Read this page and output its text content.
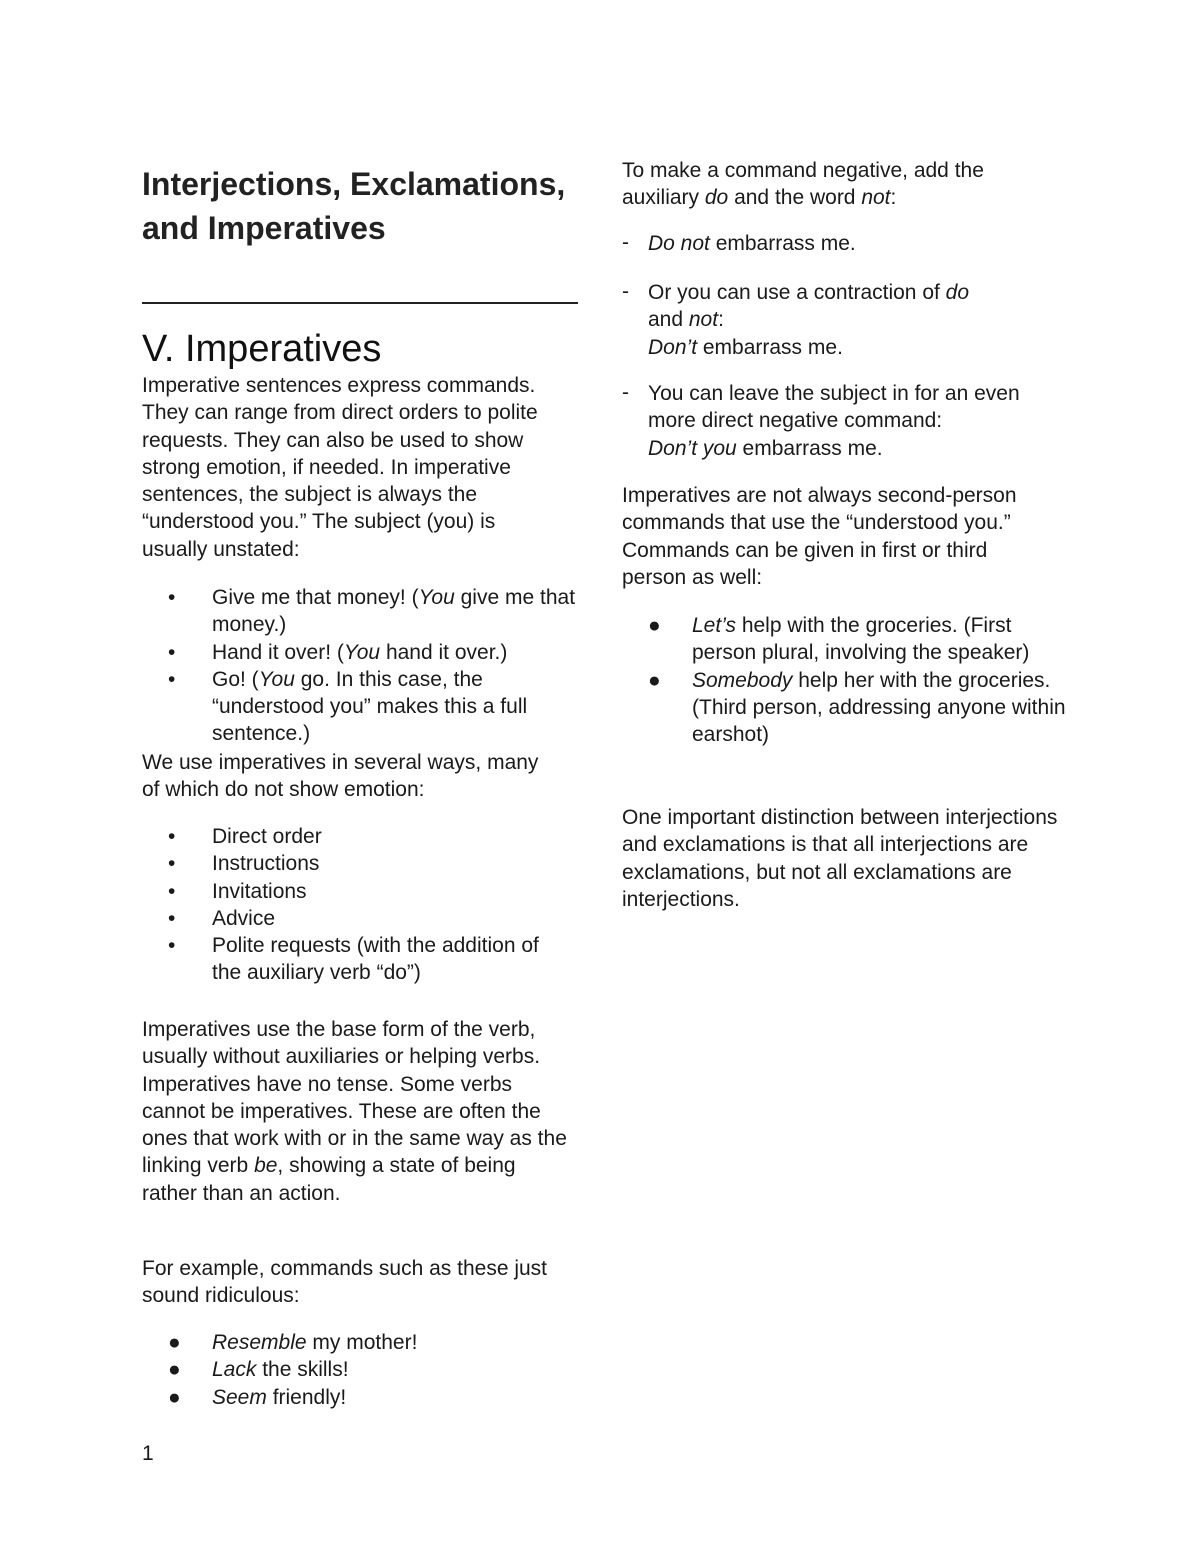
Interjections, Exclamations, and Imperatives
V. Imperatives

Imperative sentences express commands. They can range from direct orders to polite requests. They can also be used to show strong emotion, if needed. In imperative sentences, the subject is always the “understood you.” The subject (you) is usually unstated:

• Give me that money! (You give me that money.)
• Hand it over! (You hand it over.)
• Go! (You go. In this case, the “understood you” makes this a full sentence.)

We use imperatives in several ways, many of which do not show emotion:

• Direct order
• Instructions
• Invitations
• Advice
• Polite requests (with the addition of the auxiliary verb “do”)

Imperatives use the base form of the verb, usually without auxiliaries or helping verbs. Imperatives have no tense. Some verbs cannot be imperatives. These are often the ones that work with or in the same way as the linking verb be, showing a state of being rather than an action.

For example, commands such as these just sound ridiculous:

● Resemble my mother!
● Lack the skills!
● Seem friendly!

To make a command negative, add the auxiliary do and the word not:

- Do not embarrass me.
- Or you can use a contraction of do and not:
Don’t embarrass me.
- You can leave the subject in for an even more direct negative command:
Don’t you embarrass me.

Imperatives are not always second-person commands that use the “understood you.” Commands can be given in first or third person as well:

● Let’s help with the groceries. (First person plural, involving the speaker)
● Somebody help her with the groceries. (Third person, addressing anyone within earshot)

One important distinction between interjections and exclamations is that all interjections are exclamations, but not all exclamations are interjections.

1
